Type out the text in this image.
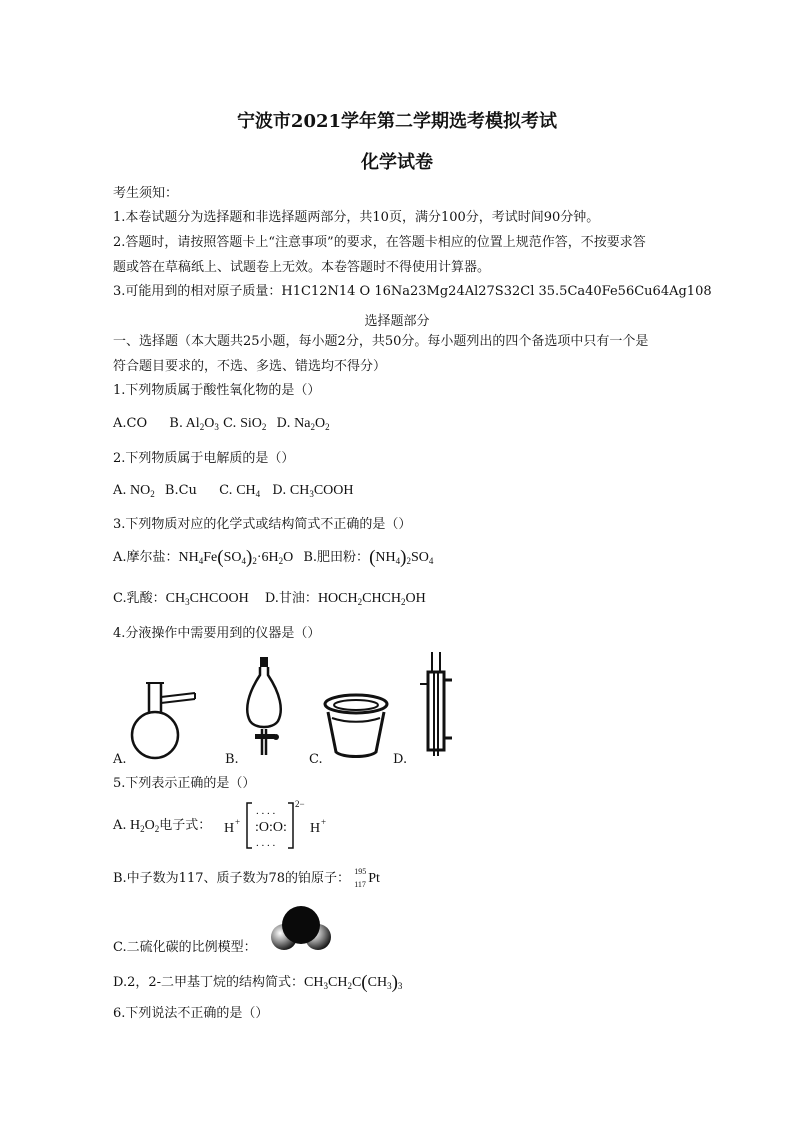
宁波市2021学年第二学期选考模拟考试
化学试卷
考生须知：
1.本卷试题分为选择题和非选择题两部分，共10页，满分100分，考试时间90分钟。
2.答题时，请按照答题卡上“注意事项”的要求，在答题卡相应的位置上规范作答，不按要求答
题或答在草稿纸上、试题卷上无效。本卷答题时不得使用计算器。
3.可能用到的相对原子质量：H1C12N14 O 16Na23Mg24Al27S32Cl 35.5Ca40Fe56Cu64Ag108
选择题部分
一、选择题（本大题共25小题，每小题2分，共50分。每小题列出的四个备选项中只有一个是
符合题目要求的，不选、多选、错选均不得分）
1.下列物质属于酸性氧化物的是（）
A.CO B. $Al_2O_3$ C. SiO$_2$ D. $Na_2O_2$
2.下列物质属于电解质的是（）
A. $NO_2$ B.Cu C. $CH_4$ D. $CH_3COOH$
3.下列物质对应的化学式或结构简式不正确的是（）
A.摩尔盐：$NH_4Fe(SO_4)_2\cdot 6H_2O$ B.肥田粉：$(NH_4)_2SO_4$
C.乳酸：$CH_3CHCOOH$ D.甘油：$HOCH_2CHCH_2OH$
4.分液操作中需要用到的仪器是（）
A.	B.	C.	D.
5.下列表示正确的是（）
A. $H_2O_2$电子式： H +
2−
:O:O:
. . . .
. . . .
H +
B.中子数为117、质子数为78的铂原子： 195
117 Pt
C.二硫化碳的比例模型：
D.2，2-二甲基丁烷的结构简式：$CH_3CH_2C(CH_3)_3$
6.下列说法不正确的是（）
